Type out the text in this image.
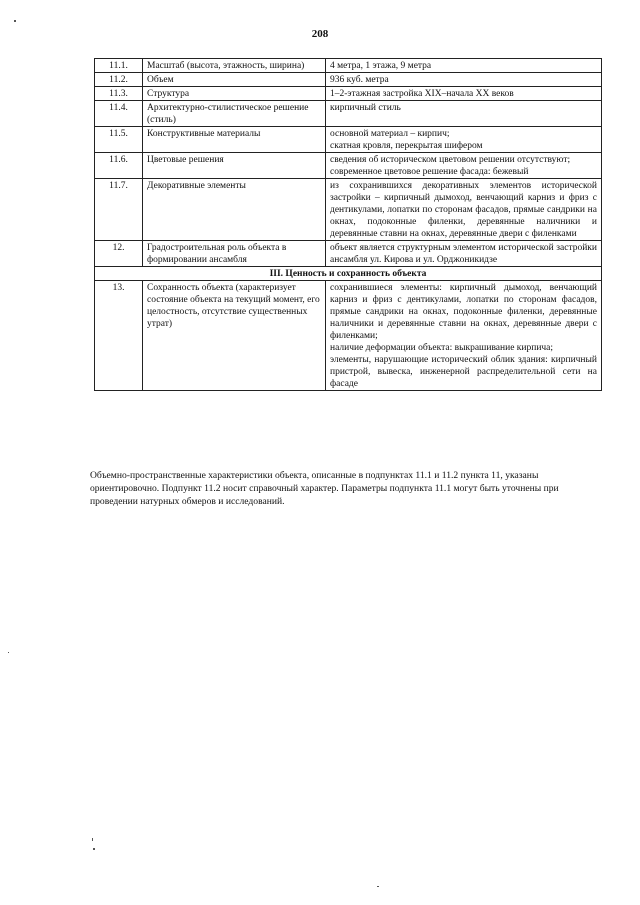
208
11.1.	Масштаб (высота, этажность, ширина)	4 метра, 1 этажа, 9 метра
11.2.	Объем	936 куб. метра
11.3.	Структура	1–2-этажная застройка XIX–начала XX веков
11.4.	Архитектурно-стилистическое решение (стиль)	кирпичный стиль
11.5.	Конструктивные материалы	основной материал – кирпич;
скатная кровля, перекрытая шифером
11.6.	Цветовые решения	сведения об историческом цветовом решении отсутствуют;
современное цветовое решение фасада: бежевый
11.7.	Декоративные элементы	из сохранившихся декоративных элементов исторической застройки – кирпичный дымоход, венчающий карниз и фриз с дентикулами, лопатки по сторонам фасадов, прямые сандрики на окнах, подоконные филенки, деревянные наличники и деревянные ставни на окнах, деревянные двери с филенками
12.	Градостроительная роль объекта в формировании ансамбля	объект является структурным элементом исторической застройки ансамбля ул. Кирова и ул. Орджоникидзе
III. Ценность и сохранность объекта		
13.	Сохранность объекта (характеризует состояние объекта на текущий момент, его целостность, отсутствие существенных утрат)	сохранившиеся элементы: кирпичный дымоход, венчающий карниз и фриз с дентикулами, лопатки по сторонам фасадов, прямые сандрики на окнах, подоконные филенки, деревянные наличники и деревянные ставни на окнах, деревянные двери с филенками;
наличие деформации объекта: выкрашивание кирпича;
элементы, нарушающие исторический облик здания: кирпичный пристрой, вывеска, инженерной распределительной сети на фасаде
Объемно-пространственные характеристики объекта, описанные в подпунктах 11.1 и 11.2 пункта 11, указаны ориентировочно. Подпункт 11.2 носит справочный характер. Параметры подпункта 11.1 могут быть уточнены при проведении натурных обмеров и исследований.
